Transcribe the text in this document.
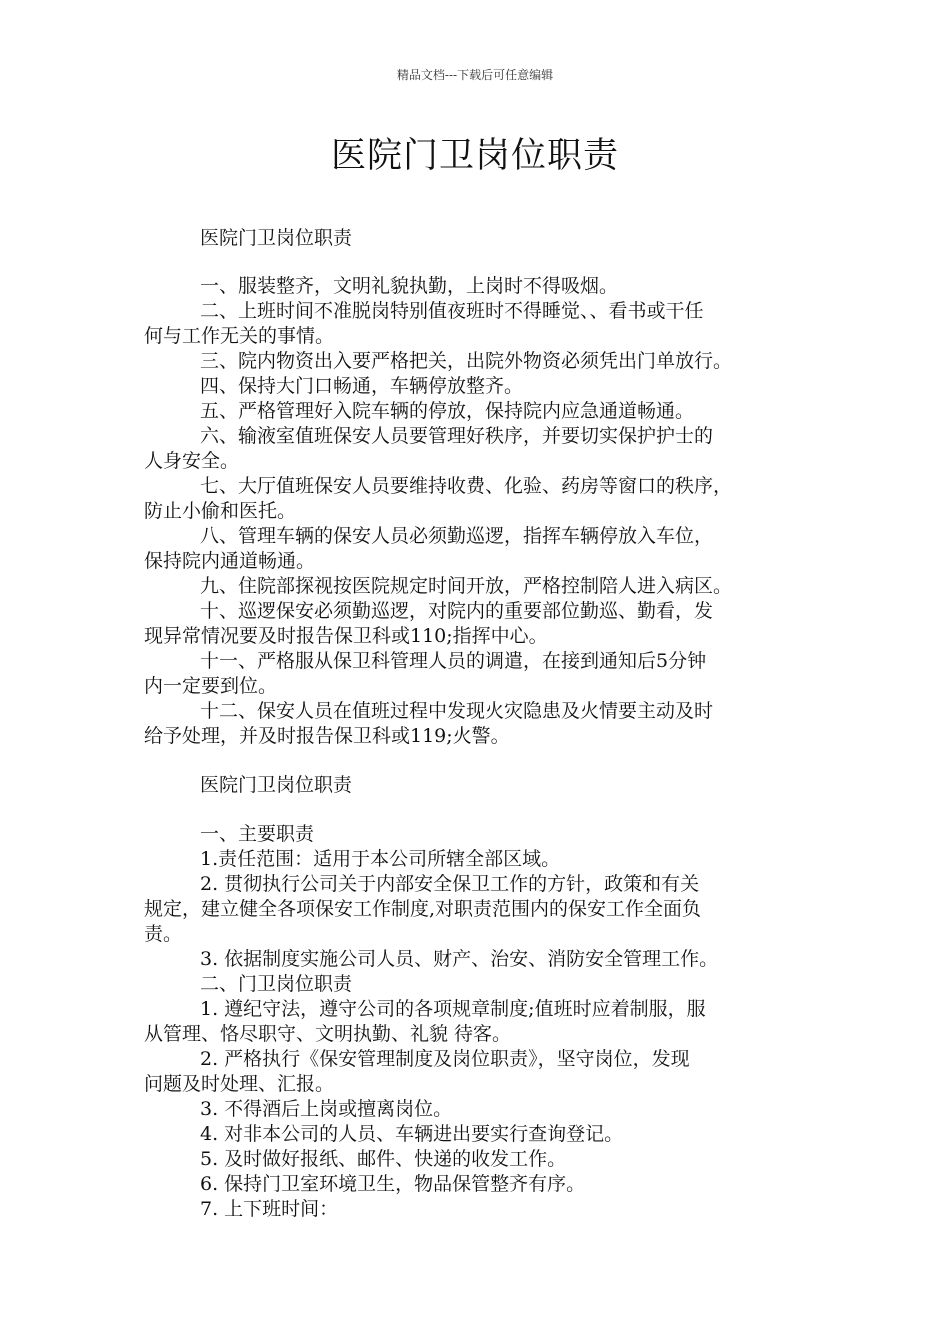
精品文档---下载后可任意编辑
医院门卫岗位职责
医院门卫岗位职责
一、服装整齐，文明礼貌执勤，上岗时不得吸烟。
二、上班时间不准脱岗特别值夜班时不得睡觉、、看书或干任
何与工作无关的事情。
三、院内物资出入要严格把关，出院外物资必须凭出门单放行。
四、保持大门口畅通，车辆停放整齐。
五、严格管理好入院车辆的停放，保持院内应急通道畅通。
六、输液室值班保安人员要管理好秩序，并要切实保护护士的
人身安全。
七、大厅值班保安人员要维持收费、化验、药房等窗口的秩序，
防止小偷和医托。
八、管理车辆的保安人员必须勤巡逻，指挥车辆停放入车位，
保持院内通道畅通。
九、住院部探视按医院规定时间开放，严格控制陪人进入病区。
十、巡逻保安必须勤巡逻，对院内的重要部位勤巡、勤看，发
现异常情况要及时报告保卫科或110;指挥中心。
十一、严格服从保卫科管理人员的调遣，在接到通知后5分钟
内一定要到位。
十二、保安人员在值班过程中发现火灾隐患及火情要主动及时
给予处理，并及时报告保卫科或119;火警。
医院门卫岗位职责
一、主要职责
1.责任范围：适用于本公司所辖全部区域。
2. 贯彻执行公司关于内部安全保卫工作的方针，政策和有关
规定，建立健全各项保安工作制度,对职责范围内的保安工作全面负
责。
3. 依据制度实施公司人员、财产、治安、消防安全管理工作。
二、门卫岗位职责
1. 遵纪守法，遵守公司的各项规章制度;值班时应着制服，服
从管理、恪尽职守、文明执勤、礼貌 待客。
2. 严格执行《保安管理制度及岗位职责》，坚守岗位，发现
问题及时处理、汇报。
3. 不得酒后上岗或擅离岗位。
4. 对非本公司的人员、车辆进出要实行查询登记。
5. 及时做好报纸、邮件、快递的收发工作。
6. 保持门卫室环境卫生，物品保管整齐有序。
7. 上下班时间：
